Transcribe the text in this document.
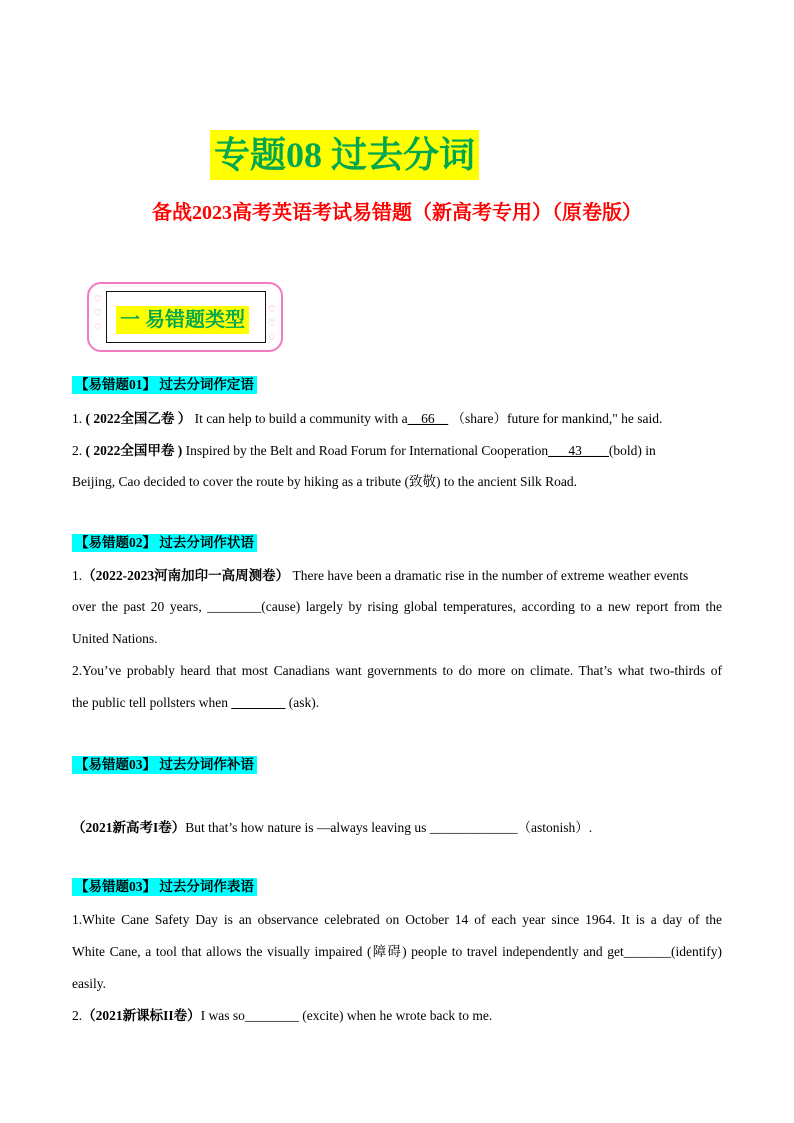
专题08 过去分词
备战2023高考英语考试易错题（新高考专用）（原卷版）
♡
♡
♡
♡
♡
♡
一 易错题类型
【易错题01】 过去分词作定语
1. ( 2022全国乙卷 ） It can help to build a community with a__66__ （share）future for mankind," he said.
2. ( 2022全国甲卷 ) Inspired by the Belt and Road Forum for International Cooperation___43____(bold) in
Beijing, Cao decided to cover the route by hiking as a tribute (致敬) to the ancient Silk Road.
【易错题02】 过去分词作状语
1.（2022-2023河南加印一高周测卷） There have been a dramatic rise in the number of extreme weather events
over the past 20 years, ________(cause) largely by rising global temperatures, according to a new report from the
United Nations.
2.You’ve probably heard that most Canadians want governments to do more on climate. That’s what two-thirds of
the public tell pollsters when ________ (ask).
【易错题03】 过去分词作补语
（2021新高考I卷）But that’s how nature is —always leaving us _____________（astonish）.
【易错题03】 过去分词作表语
1.White Cane Safety Day is an observance celebrated on October 14 of each year since 1964. It is a day of the
White Cane, a tool that allows the visually impaired (障碍) people to travel independently and get_______(identify)
easily.
2.（2021新课标II卷）I was so________ (excite) when he wrote back to me.
